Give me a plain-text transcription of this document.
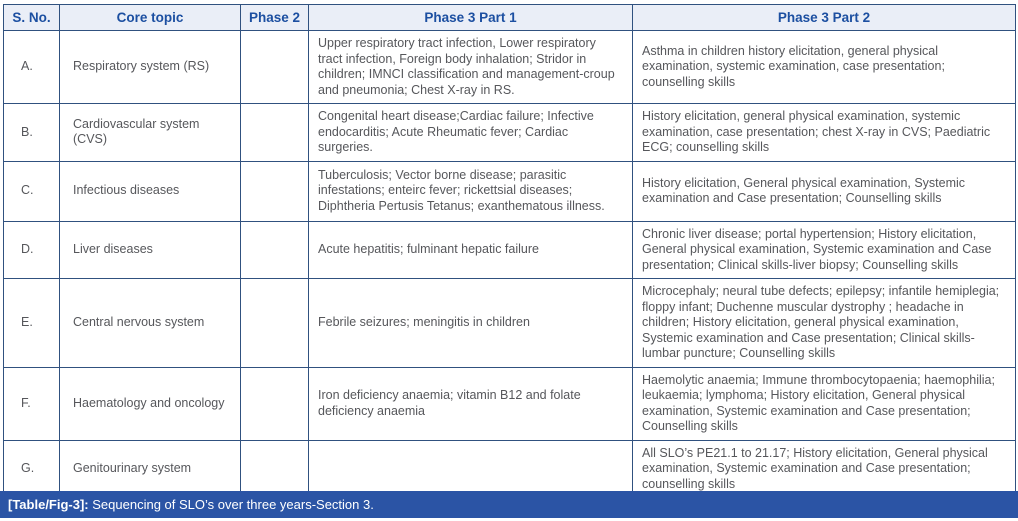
S. No.	Core topic	Phase 2	Phase 3 Part 1	Phase 3 Part 2
A.	Respiratory system (RS)		Upper respiratory tract infection, Lower respiratory tract infection, Foreign body inhalation; Stridor in children; IMNCI classification and management-croup and pneumonia; Chest X-ray in RS.	Asthma in children history elicitation, general physical examination, systemic examination, case presentation; counselling skills
B.	Cardiovascular system (CVS)		Congenital heart disease;Cardiac failure; Infective endocarditis; Acute Rheumatic fever; Cardiac surgeries.	History elicitation, general physical examination, systemic examination, case presentation; chest X-ray in CVS; Paediatric ECG; counselling skills
C.	Infectious diseases		Tuberculosis; Vector borne disease; parasitic infestations; enteirc fever; rickettsial diseases; Diphtheria Pertusis Tetanus; exanthematous illness.	History elicitation, General physical examination, Systemic examination and Case presentation; Counselling skills
D.	Liver diseases		Acute hepatitis; fulminant hepatic failure	Chronic liver disease; portal hypertension; History elicitation, General physical examination, Systemic examination and Case presentation; Clinical skills-liver biopsy; Counselling skills
E.	Central nervous system		Febrile seizures; meningitis in children	Microcephaly; neural tube defects; epilepsy; infantile hemiplegia; floppy infant; Duchenne muscular dystrophy ; headache in children; History elicitation, general physical examination, Systemic examination and Case presentation; Clinical skills-lumbar puncture; Counselling skills
F.	Haematology and oncology		Iron deficiency anaemia; vitamin B12 and folate deficiency anaemia	Haemolytic anaemia; Immune thrombocytopaenia; haemophilia; leukaemia; lymphoma; History elicitation, General physical examination, Systemic examination and Case presentation; Counselling skills
G.	Genitourinary system			All SLO’s PE21.1 to 21.17; History elicitation, General physical examination, Systemic examination and Case presentation; counselling skills
[Table/Fig-3]: Sequencing of SLO’s over three years-Section 3.
